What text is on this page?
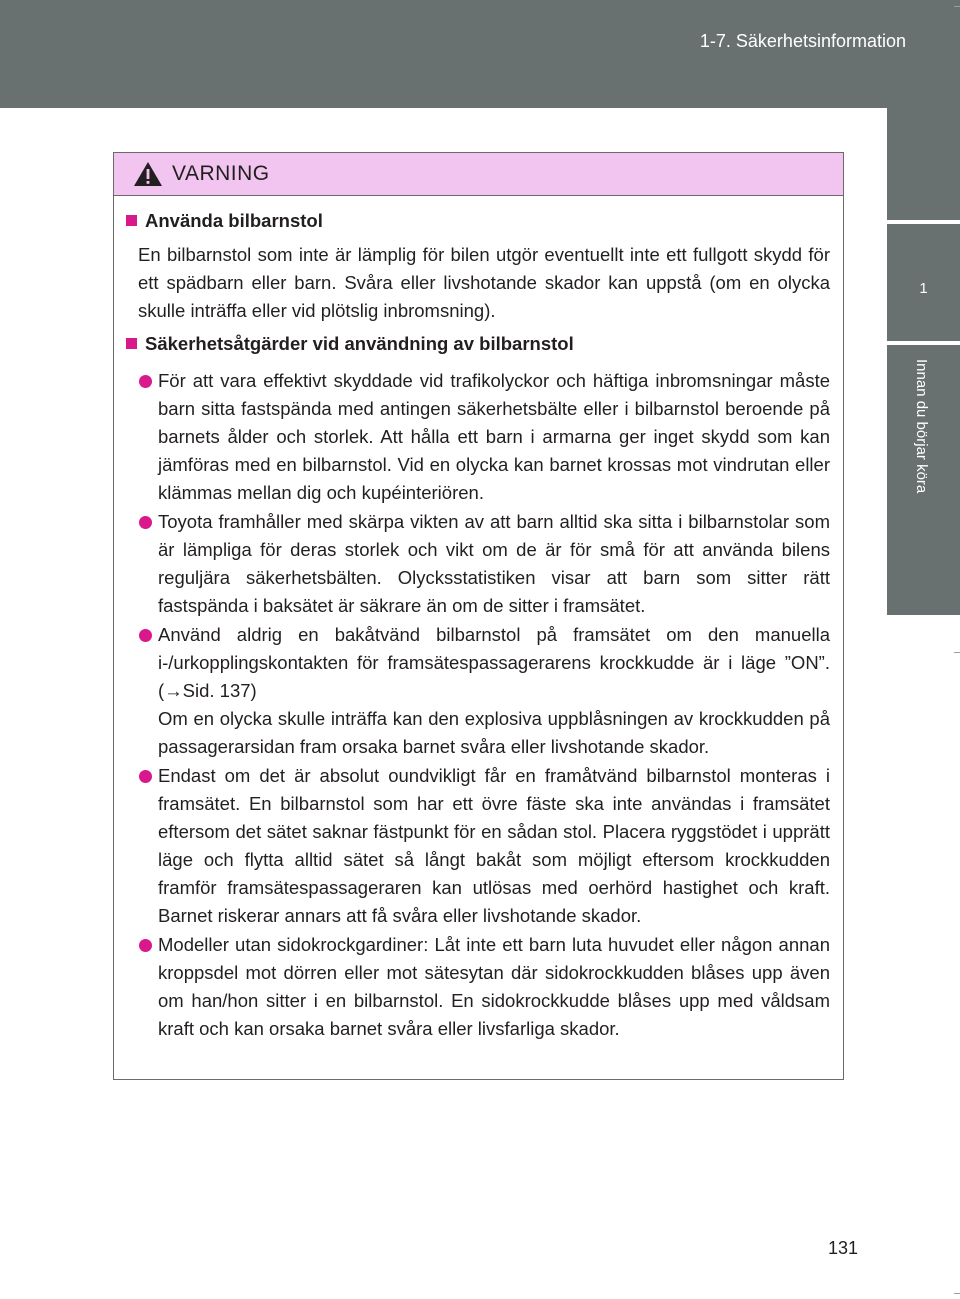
1-7. Säkerhetsinformation
1
Innan du börjar köra
VARNING
Använda bilbarnstol

En bilbarnstol som inte är lämplig för bilen utgör eventuellt inte ett fullgott skydd för ett spädbarn eller barn. Svåra eller livshotande skador kan uppstå (om en olycka skulle inträffa eller vid plötslig inbromsning).

Säkerhetsåtgärder vid användning av bilbarnstol

För att vara effektivt skyddade vid trafikolyckor och häftiga inbromsningar måste barn sitta fastspända med antingen säkerhetsbälte eller i bilbarnstol beroende på barnets ålder och storlek. Att hålla ett barn i armarna ger inget skydd som kan jämföras med en bilbarnstol. Vid en olycka kan barnet krossas mot vindrutan eller klämmas mellan dig och kupéinteriören.

Toyota framhåller med skärpa vikten av att barn alltid ska sitta i bilbarnstolar som är lämpliga för deras storlek och vikt om de är för små för att använda bilens reguljära säkerhetsbälten. Olycksstatistiken visar att barn som sitter rätt fastspända i baksätet är säkrare än om de sitter i framsätet.

Använd aldrig en bakåtvänd bilbarnstol på framsätet om den manuella i-/urkopplingskontakten för framsätespassagerarens krockkudde är i läge ”ON”. (→Sid. 137)

Om en olycka skulle inträffa kan den explosiva uppblåsningen av krockkudden på passagerarsidan fram orsaka barnet svåra eller livshotande skador.

Endast om det är absolut oundvikligt får en framåtvänd bilbarnstol monteras i framsätet. En bilbarnstol som har ett övre fäste ska inte användas i framsätet eftersom det sätet saknar fästpunkt för en sådan stol. Placera ryggstödet i upprätt läge och flytta alltid sätet så långt bakåt som möjligt eftersom krockkudden framför framsätespassageraren kan utlösas med oerhörd hastighet och kraft. Barnet riskerar annars att få svåra eller livshotande skador.

Modeller utan sidokrockgardiner: Låt inte ett barn luta huvudet eller någon annan kroppsdel mot dörren eller mot sätesytan där sidokrockkudden blåses upp även om han/hon sitter i en bilbarnstol. En sidokrockkudde blåses upp med våldsam kraft och kan orsaka barnet svåra eller livsfarliga skador.

131
